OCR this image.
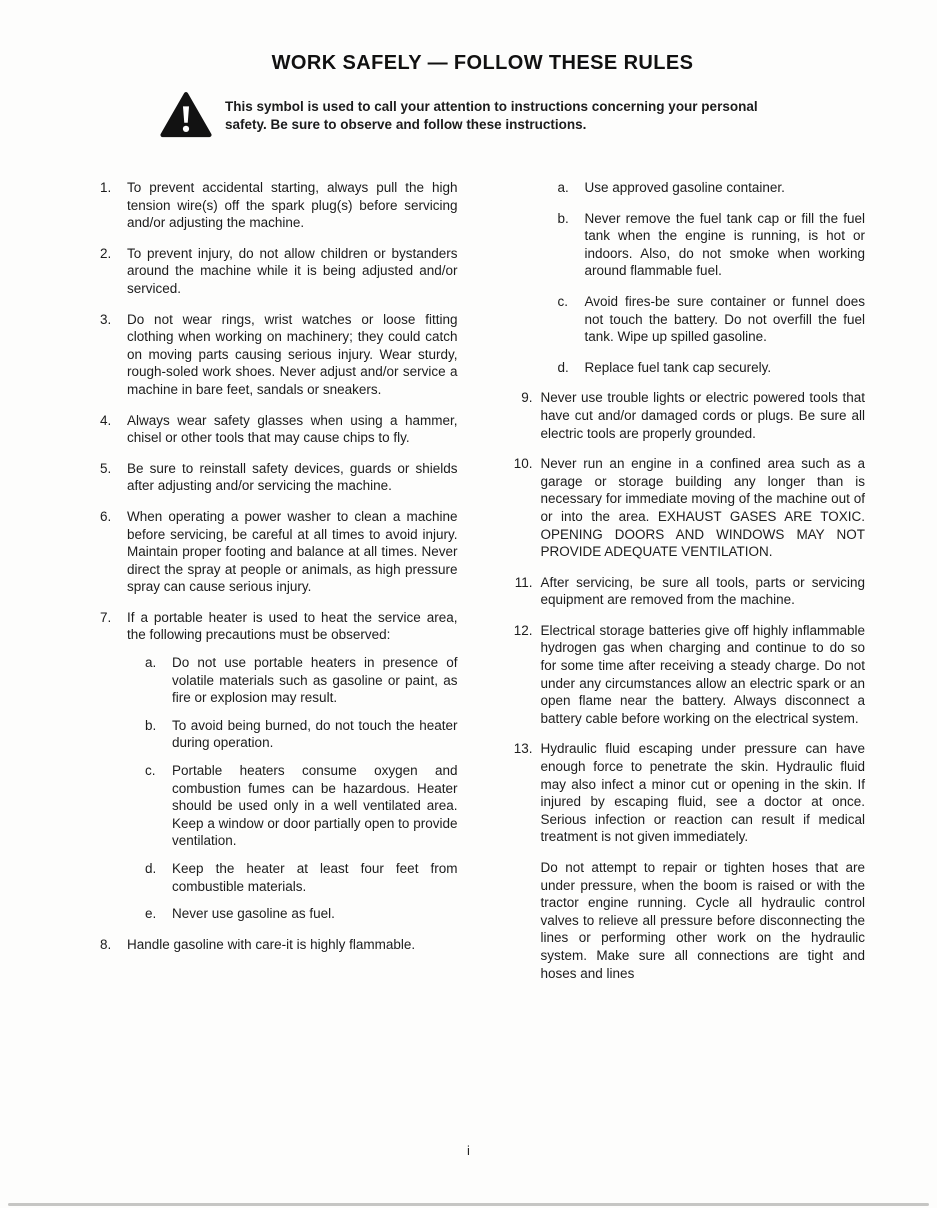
WORK SAFELY — FOLLOW THESE RULES

This symbol is used to call your attention to instructions concerning your personal safety. Be sure to observe and follow these instructions.

1.	To prevent accidental starting, always pull the high tension wire(s) off the spark plug(s) before servicing and/or adjusting the machine.
2.	To prevent injury, do not allow children or bystanders around the machine while it is being adjusted and/or serviced.
3.	Do not wear rings, wrist watches or loose fitting clothing when working on machinery; they could catch on moving parts causing serious injury. Wear sturdy, rough-soled work shoes. Never adjust and/or service a machine in bare feet, sandals or sneakers.
4.	Always wear safety glasses when using a hammer, chisel or other tools that may cause chips to fly.
5.	Be sure to reinstall safety devices, guards or shields after adjusting and/or servicing the machine.
6.	When operating a power washer to clean a machine before servicing, be careful at all times to avoid injury. Maintain proper footing and balance at all times. Never direct the spray at people or animals, as high pressure spray can cause serious injury.
7.	If a portable heater is used to heat the service area, the following precautions must be observed:
a.	Do not use portable heaters in presence of volatile materials such as gasoline or paint, as fire or explosion may result.
b.	To avoid being burned, do not touch the heater during operation.
c.	Portable heaters consume oxygen and combustion fumes can be hazardous. Heater should be used only in a well ventilated area. Keep a window or door partially open to provide ventilation.
d.	Keep the heater at least four feet from combustible materials.
e.	Never use gasoline as fuel.
8.	Handle gasoline with care-it is highly flammable.
a.	Use approved gasoline container.
b.	Never remove the fuel tank cap or fill the fuel tank when the engine is running, is hot or indoors. Also, do not smoke when working around flammable fuel.
c.	Avoid fires-be sure container or funnel does not touch the battery. Do not overfill the fuel tank. Wipe up spilled gasoline.
d.	Replace fuel tank cap securely.
9. Never use trouble lights or electric powered tools that have cut and/or damaged cords or plugs. Be sure all electric tools are properly grounded.
10. Never run an engine in a confined area such as a garage or storage building any longer than is necessary for immediate moving of the machine out of or into the area. EXHAUST GASES ARE TOXIC. OPENING DOORS AND WINDOWS MAY NOT PROVIDE ADEQUATE VENTILATION.
11. After servicing, be sure all tools, parts or servicing equipment are removed from the machine.
12. Electrical storage batteries give off highly inflammable hydrogen gas when charging and continue to do so for some time after receiving a steady charge. Do not under any circumstances allow an electric spark or an open flame near the battery. Always disconnect a battery cable before working on the electrical system.
13. Hydraulic fluid escaping under pressure can have enough force to penetrate the skin. Hydraulic fluid may also infect a minor cut or opening in the skin. If injured by escaping fluid, see a doctor at once. Serious infection or reaction can result if medical treatment is not given immediately.
Do not attempt to repair or tighten hoses that are under pressure, when the boom is raised or with the tractor engine running. Cycle all hydraulic control valves to relieve all pressure before disconnecting the lines or performing other work on the hydraulic system. Make sure all connections are tight and hoses and lines
i
